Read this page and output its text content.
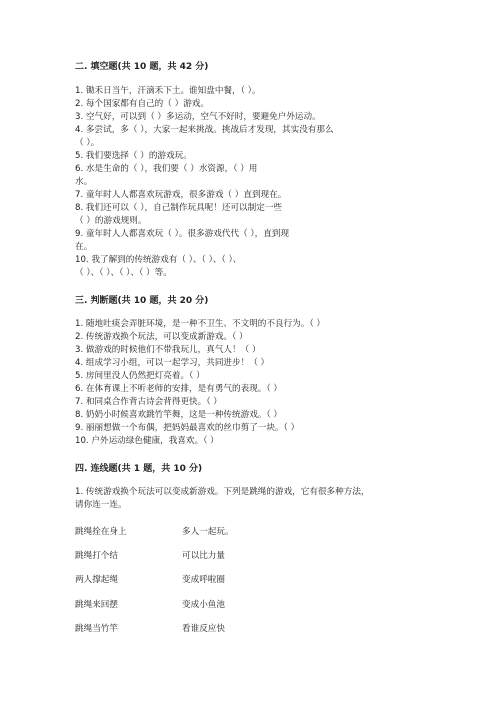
二. 填空题(共 10 题，共 42 分)
1. 锄禾日当午，汗滴禾下土。谁知盘中餐，（ ）。
2. 每个国家都有自己的（ ）游戏。
3. 空气好，可以到（ ）多运动，空气不好时，要避免户外运动。
4. 多尝试，多（ ），大家一起来挑战。挑战后才发现，其实没有那么
（ ）。
5. 我们要选择（ ）的游戏玩。
6. 水是生命的（ ），我们要（ ）水资源，（ ）用
水。
7. 童年时人人都喜欢玩游戏，很多游戏（ ）直到现在。
8. 我们还可以（ ），自己制作玩具呢！还可以制定一些
（ ）的游戏规则。
9. 童年时人人都喜欢玩（ ）。很多游戏代代（ ），直到现
在。
10. 我了解到的传统游戏有（ ）、（ ）、（ ）、
（ ）、（ ）、（ ）、（ ）等。
三. 判断题(共 10 题，共 20 分)
1. 随地吐痰会弄脏环境，是一种不卫生、不文明的不良行为。（ ）
2. 传统游戏换个玩法，可以变成新游戏。（ ）
3. 做游戏的时候他们不带我玩儿，真气人！（ ）
4. 组成学习小组，可以一起学习，共同进步！（ ）
5. 房间里没人仍然把灯亮着。（ ）
6. 在体育课上不听老师的安排，是有勇气的表现。（ ）
7. 和同桌合作背古诗会背得更快。（ ）
8. 奶奶小时候喜欢跳竹竿舞，这是一种传统游戏。（ ）
9. 丽丽想做一个布偶，把妈妈最喜欢的丝巾剪了一块。（ ）
10. 户外运动绿色健康，我喜欢。（ ）
四. 连线题(共 1 题，共 10 分)
1. 传统游戏换个玩法可以变成新游戏。下列是跳绳的游戏，它有很多种方法，
请你连一连。
跳绳拴在身上	多人一起玩。
跳绳打个结	可以比力量
两人撑起绳	变成呼啦圈
跳绳来回摆	变成小鱼池
跳绳当竹竿	看谁反应快
